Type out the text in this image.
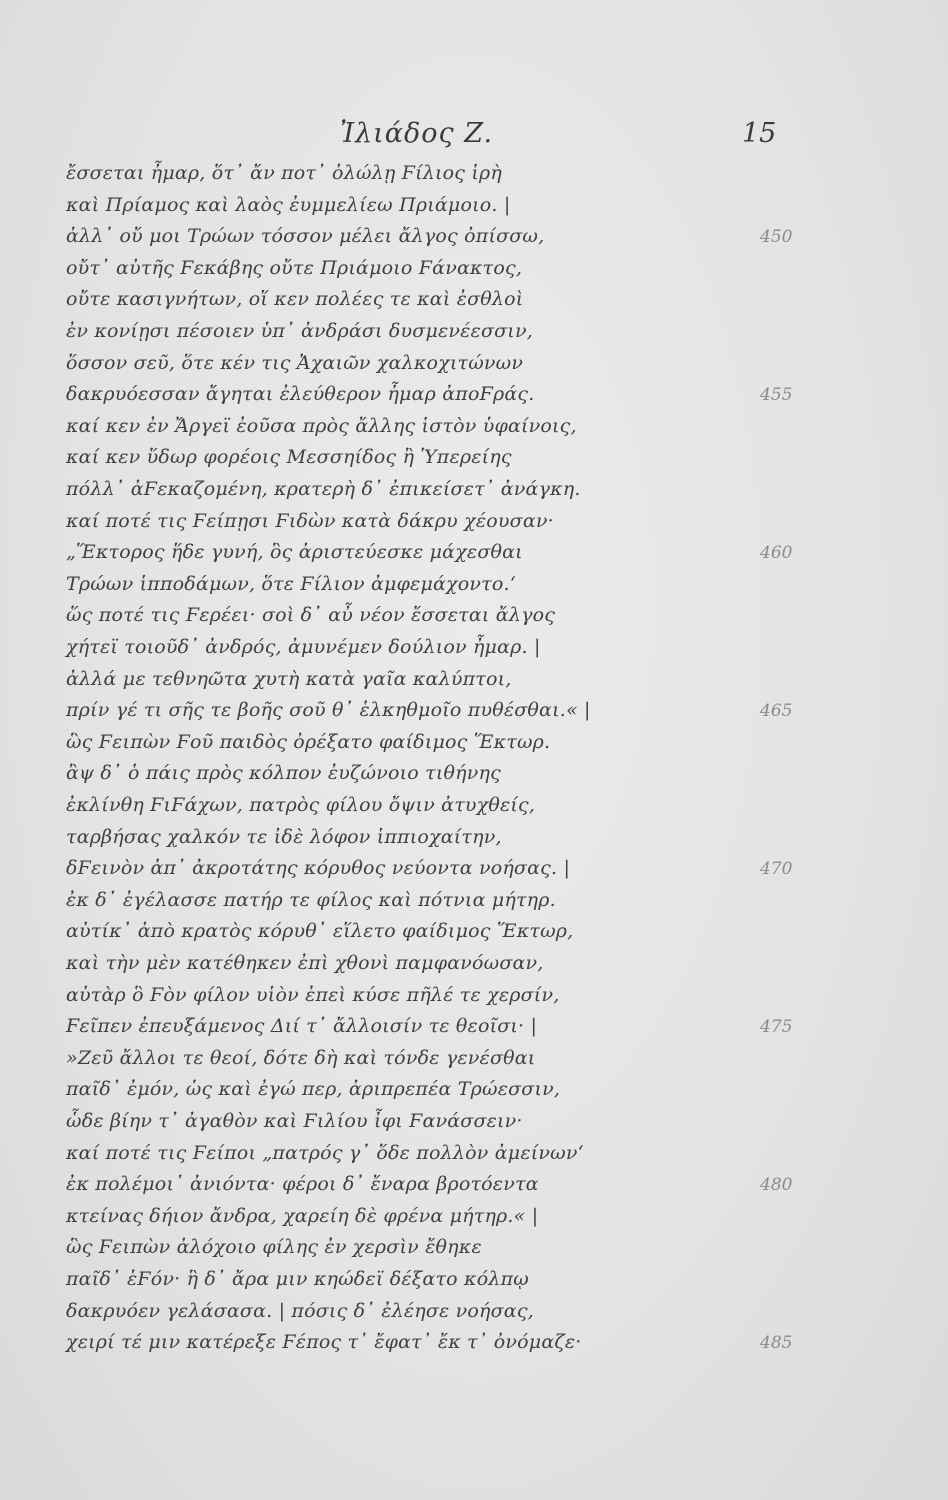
Ἰλιάδος Z.	15
ἔσσεται ἦμαρ, ὅτ᾽ ἄν ποτ᾽ ὀλώλῃ Ϝίλιος ἱρὴ
καὶ Πρίαμος καὶ λαὸς ἐυμμελίεω Πριάμοιο. |
ἀλλ᾽ οὔ μοι Τρώων τόσσον μέλει ἄλγος ὀπίσσω,	450
οὔτ᾽ αὐτῆς Ϝεκάβης οὔτε Πριάμοιο Ϝάνακτος,
οὔτε κασιγνήτων, οἵ κεν πολέες τε καὶ ἐσθλοὶ
ἐν κονίῃσι πέσοιεν ὑπ᾽ ἀνδράσι δυσμενέεσσιν,
ὅσσον σεῦ, ὅτε κέν τις Ἀχαιῶν χαλκοχιτώνων
δακρυόεσσαν ἄγηται ἐλεύθερον ἦμαρ ἀποϜράς.	455
καί κεν ἐν Ἄργεϊ ἐοῦσα πρὸς ἄλλης ἱστὸν ὑφαίνοις,
καί κεν ὕδωρ φορέοις Μεσσηίδος ἢ Ὑπερείης
πόλλ᾽ ἀϜεκαζομένη, κρατερὴ δ᾽ ἐπικείσετ᾽ ἀνάγκη.
καί ποτέ τις Ϝείπῃσι Ϝιδὼν κατὰ δάκρυ χέουσαν·
„Ἕκτορος ἥδε γυνή, ὃς ἀριστεύεσκε μάχεσθαι	460
Τρώων ἱπποδάμων, ὅτε Ϝίλιον ἀμφεμάχοντο.‘
ὥς ποτέ τις Ϝερέει· σοὶ δ᾽ αὖ νέον ἔσσεται ἄλγος
χήτεϊ τοιοῦδ᾽ ἀνδρός, ἀμυνέμεν δούλιον ἦμαρ. |
ἀλλά με τεθνηῶτα χυτὴ κατὰ γαῖα καλύπτοι,
πρίν γέ τι σῆς τε βοῆς σοῦ θ᾽ ἑλκηθμοῖο πυθέσθαι.« |	465
ὣς Ϝειπὼν Ϝοῦ παιδὸς ὀρέξατο φαίδιμος Ἕκτωρ.
ἂψ δ᾽ ὁ πάις πρὸς κόλπον ἐυζώνοιο τιθήνης
ἐκλίνθη ϜιϜάχων, πατρὸς φίλου ὄψιν ἀτυχθείς,
ταρβήσας χαλκόν τε ἰδὲ λόφον ἱππιοχαίτην,
δϜεινὸν ἀπ᾽ ἀκροτάτης κόρυθος νεύοντα νοήσας. |	470
ἐκ δ᾽ ἐγέλασσε πατήρ τε φίλος καὶ πότνια μήτηρ.
αὐτίκ᾽ ἀπὸ κρατὸς κόρυθ᾽ εἵλετο φαίδιμος Ἕκτωρ,
καὶ τὴν μὲν κατέθηκεν ἐπὶ χθονὶ παμφανόωσαν,
αὐτὰρ ὃ Ϝὸν φίλον υἱὸν ἐπεὶ κύσε πῆλέ τε χερσίν,
Ϝεῖπεν ἐπευξάμενος Διί τ᾽ ἄλλοισίν τε θεοῖσι· |	475
»Ζεῦ ἄλλοι τε θεοί, δότε δὴ καὶ τόνδε γενέσθαι
παῖδ᾽ ἐμόν, ὡς καὶ ἐγώ περ, ἀριπρεπέα Τρώεσσιν,
ὧδε βίην τ᾽ ἀγαθὸν καὶ Ϝιλίου ἶφι Ϝανάσσειν·
καί ποτέ τις Ϝείποι „πατρός γ᾽ ὅδε πολλὸν ἀμείνων‘
ἐκ πολέμοι᾽ ἀνιόντα· φέροι δ᾽ ἔναρα βροτόεντα	480
κτείνας δήιον ἄνδρα, χαρείη δὲ φρένα μήτηρ.« |
ὣς Ϝειπὼν ἀλόχοιο φίλης ἐν χερσὶν ἔθηκε
παῖδ᾽ ἑϜόν· ἣ δ᾽ ἄρα μιν κηώδεϊ δέξατο κόλπῳ
δακρυόεν γελάσασα. | πόσις δ᾽ ἐλέησε νοήσας,
χειρί τέ μιν κατέρεξε Ϝέπος τ᾽ ἔφατ᾽ ἔκ τ᾽ ὀνόμαζε·	485
